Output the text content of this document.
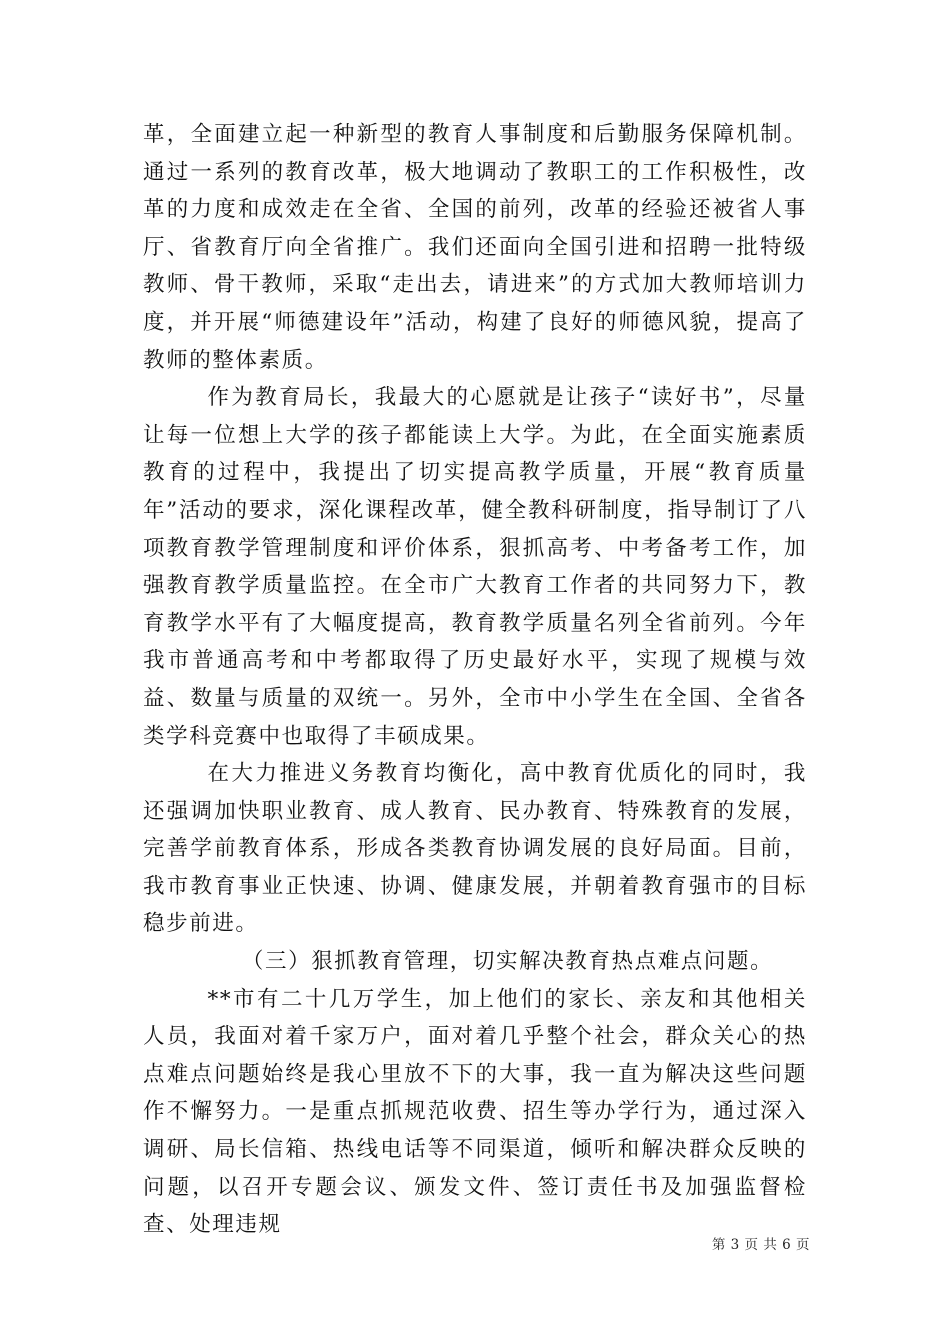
革，全面建立起一种新型的教育人事制度和后勤服务保障机制。通过一系列的教育改革，极大地调动了教职工的工作积极性，改革的力度和成效走在全省、全国的前列，改革的经验还被省人事厅、省教育厅向全省推广。我们还面向全国引进和招聘一批特级教师、骨干教师，采取“走出去，请进来”的方式加大教师培训力度，并开展“师德建设年”活动，构建了良好的师德风貌，提高了教师的整体素质。

作为教育局长，我最大的心愿就是让孩子“读好书”，尽量让每一位想上大学的孩子都能读上大学。为此，在全面实施素质教育的过程中，我提出了切实提高教学质量，开展“教育质量年”活动的要求，深化课程改革，健全教科研制度，指导制订了八项教育教学管理制度和评价体系，狠抓高考、中考备考工作，加强教育教学质量监控。在全市广大教育工作者的共同努力下，教育教学水平有了大幅度提高，教育教学质量名列全省前列。今年我市普通高考和中考都取得了历史最好水平，实现了规模与效益、数量与质量的双统一。另外，全市中小学生在全国、全省各类学科竞赛中也取得了丰硕成果。

在大力推进义务教育均衡化，高中教育优质化的同时，我还强调加快职业教育、成人教育、民办教育、特殊教育的发展，完善学前教育体系，形成各类教育协调发展的良好局面。目前，我市教育事业正快速、协调、健康发展，并朝着教育强市的目标稳步前进。

（三）狠抓教育管理，切实解决教育热点难点问题。

**市有二十几万学生，加上他们的家长、亲友和其他相关人员，我面对着千家万户，面对着几乎整个社会，群众关心的热点难点问题始终是我心里放不下的大事，我一直为解决这些问题作不懈努力。一是重点抓规范收费、招生等办学行为，通过深入调研、局长信箱、热线电话等不同渠道，倾听和解决群众反映的问题，以召开专题会议、颁发文件、签订责任书及加强监督检查、处理违规

第 3 页 共 6 页
